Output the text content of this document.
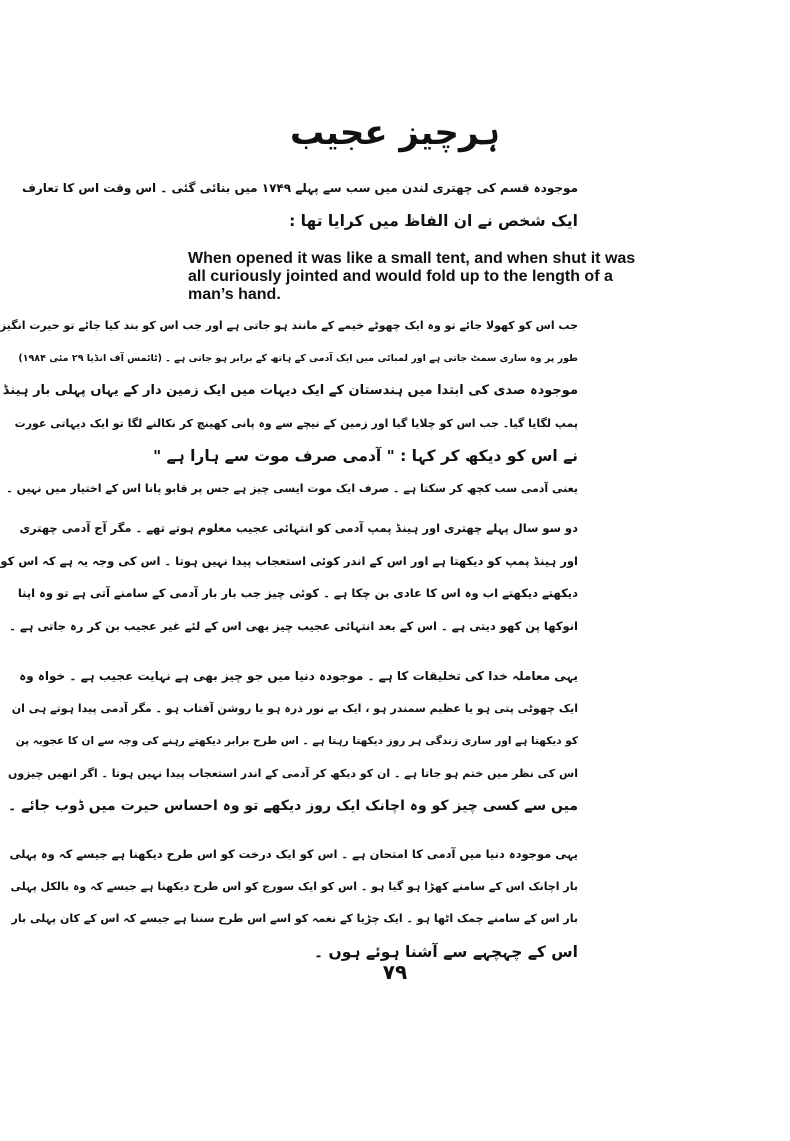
ہرچیز عجیب
موجودہ قسم کی چھتری لندن میں سب سے پہلے ۱۷۴۹ میں بنائی گئی ۔ اس وقت اس کا تعارف
ایک شخص نے ان الفاظ میں کرایا تھا :
When opened it was like a small tent, and when shut it was
all curiously jointed and would fold up to the length of a
man’s hand.
جب اس کو کھولا جائے تو وہ ایک چھوٹے خیمے کے مانند ہو جاتی ہے اور جب اس کو بند کیا جائے تو حیرت انگیز
طور پر وہ ساری سمٹ جاتی ہے اور لمبائی میں ایک آدمی کے ہاتھ کے برابر ہو جاتی ہے ۔ (ٹائمس آف انڈیا ۲۹ مئی ۱۹۸۴)
موجودہ صدی کی ابتدا میں ہندستان کے ایک دیہات میں ایک زمین دار کے یہاں پہلی بار ہینڈ
پمپ لگایا گیا۔ جب اس کو چلایا گیا اور زمین کے نیچے سے وہ پانی کھینچ کر نکالنے لگا تو ایک دیہاتی عورت
نے اس کو دیکھ کر کہا : " آدمی صرف موت سے ہارا ہے "
یعنی آدمی سب کچھ کر سکتا ہے ۔ صرف ایک موت ایسی چیز ہے جس پر قابو پانا اس کے اختیار میں نہیں ۔
دو سو سال پہلے چھتری اور ہینڈ پمپ آدمی کو انتہائی عجیب معلوم ہوتے تھے ۔ مگر آج آدمی چھتری
اور ہینڈ پمپ کو دیکھتا ہے اور اس کے اندر کوئی استعجاب پیدا نہیں ہوتا ۔ اس کی وجہ یہ ہے کہ اس کو
دیکھتے دیکھتے اب وہ اس کا عادی بن چکا ہے ۔ کوئی چیز جب بار بار آدمی کے سامنے آتی ہے تو وہ اپنا
انوکھا پن کھو دیتی ہے ۔ اس کے بعد انتہائی عجیب چیز بھی اس کے لئے غیر عجیب بن کر رہ جاتی ہے ۔
یہی معاملہ خدا کی تخلیقات کا ہے ۔ موجودہ دنیا میں جو چیز بھی ہے نہایت عجیب ہے ۔ خواہ وہ
ایک چھوٹی پتی ہو یا عظیم سمندر ہو ، ایک بے نور ذرہ ہو یا روشن آفتاب ہو ۔ مگر آدمی پیدا ہوتے ہی ان
کو دیکھتا ہے اور ساری زندگی ہر روز دیکھتا رہتا ہے ۔ اس طرح برابر دیکھتے رہنے کی وجہ سے ان کا عجوبہ پن
اس کی نظر میں ختم ہو جاتا ہے ۔ ان کو دیکھ کر آدمی کے اندر استعجاب پیدا نہیں ہوتا ۔ اگر انھیں چیزوں
میں سے کسی چیز کو وہ اچانک ایک روز دیکھے تو وہ احساس حیرت میں ڈوب جائے ۔
یہی موجودہ دنیا میں آدمی کا امتحان ہے ۔ اس کو ایک درخت کو اس طرح دیکھنا ہے جیسے کہ وہ پہلی
بار اچانک اس کے سامنے کھڑا ہو گیا ہو ۔ اس کو ایک سورج کو اس طرح دیکھنا ہے جیسے کہ وہ بالکل پہلی
بار اس کے سامنے چمک اٹھا ہو ۔ ایک چڑیا کے نغمہ کو اسے اس طرح سننا ہے جیسے کہ اس کے کان پہلی بار
اس کے چہچہے سے آشنا ہوئے ہوں ۔
۷۹
